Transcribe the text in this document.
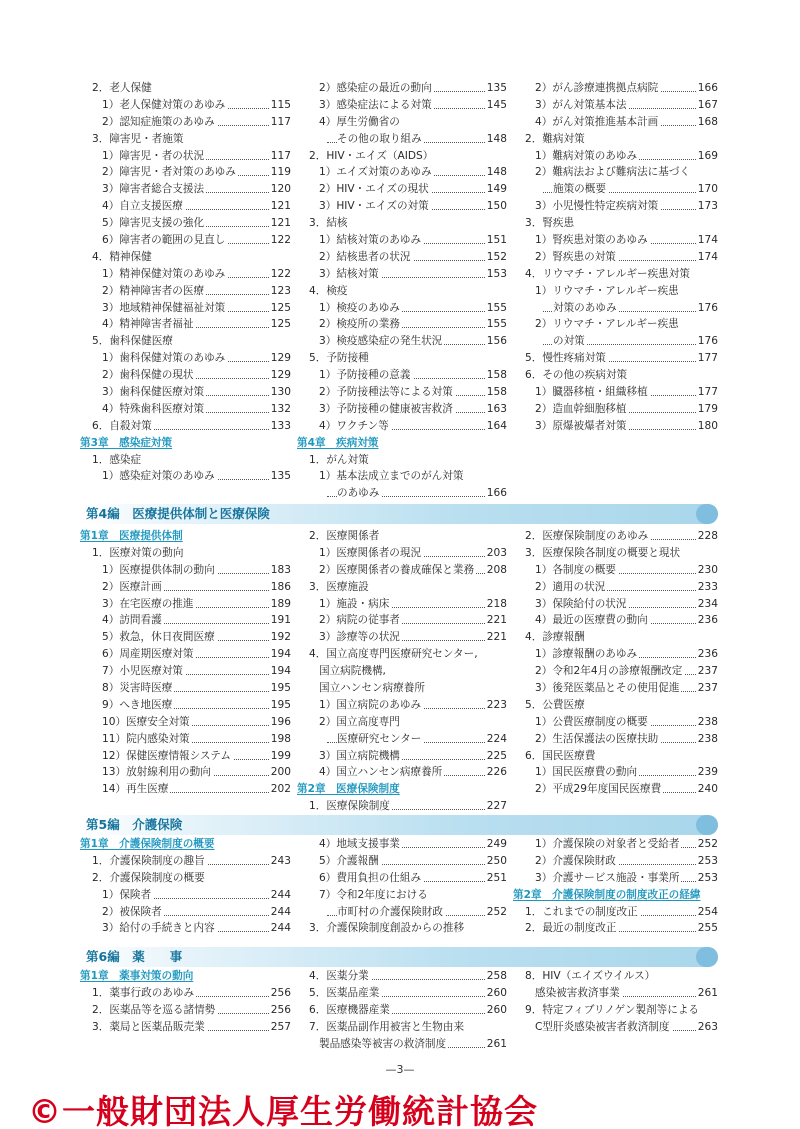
2．老人保健
1）老人保健対策のあゆみ	115
2）認知症施策のあゆみ	117
3．障害児・者施策
1）障害児・者の状況	117
2）障害児・者対策のあゆみ	119
3）障害者総合支援法	120
4）自立支援医療	121
5）障害児支援の強化	121
6）障害者の範囲の見直し	122
4．精神保健
1）精神保健対策のあゆみ	122
2）精神障害者の医療	123
3）地域精神保健福祉対策	125
4）精神障害者福祉	125
5．歯科保健医療
1）歯科保健対策のあゆみ	129
2）歯科保健の現状	129
3）歯科保健医療対策	130
4）特殊歯科医療対策	132
6．自殺対策	133
第3章　感染症対策
1．感染症
1）感染症対策のあゆみ	135
2）感染症の最近の動向	135
3）感染症法による対策	145
4）厚生労働省の
その他の取り組み	148
2．HIV・エイズ（AIDS）
1）エイズ対策のあゆみ	148
2）HIV・エイズの現状	149
3）HIV・エイズの対策	150
3．結核
1）結核対策のあゆみ	151
2）結核患者の状況	152
3）結核対策	153
4．検疫
1）検疫のあゆみ	155
2）検疫所の業務	155
3）検疫感染症の発生状況	156
5．予防接種
1）予防接種の意義	158
2）予防接種法等による対策	158
3）予防接種の健康被害救済	163
4）ワクチン等	164
第4章　疾病対策
1．がん対策
1）基本法成立までのがん対策
のあゆみ	166
2）がん診療連携拠点病院	166
3）がん対策基本法	167
4）がん対策推進基本計画	168
2．難病対策
1）難病対策のあゆみ	169
2）難病法および難病法に基づく
施策の概要	170
3）小児慢性特定疾病対策	173
3．腎疾患
1）腎疾患対策のあゆみ	174
2）腎疾患の対策	174
4．リウマチ・アレルギー疾患対策
1）リウマチ・アレルギー疾患
対策のあゆみ	176
2）リウマチ・アレルギー疾患
の対策	176
5．慢性疼痛対策	177
6．その他の疾病対策
1）臓器移植・組織移植	177
2）造血幹細胞移植	179
3）原爆被爆者対策	180
第1章　医療提供体制
1．医療対策の動向
1）医療提供体制の動向	183
2）医療計画	186
3）在宅医療の推進	189
4）訪問看護	191
5）救急，休日夜間医療	192
6）周産期医療対策	194
7）小児医療対策	194
8）災害時医療	195
9）へき地医療	195
10）医療安全対策	196
11）院内感染対策	198
12）保健医療情報システム	199
13）放射線利用の動向	200
14）再生医療	202
2．医療関係者
1）医療関係者の現況	203
2）医療関係者の養成確保と業務 208
3．医療施設
1）施設・病床	218
2）病院の従事者	221
3）診療等の状況	221
4．国立高度専門医療研究センター,
国立病院機構,
国立ハンセン病療養所
1）国立病院のあゆみ	223
2）国立高度専門
医療研究センター	224
3）国立病院機構	225
4）国立ハンセン病療養所	226
第2章　医療保険制度
1．医療保険制度	227
2．医療保険制度のあゆみ	228
3．医療保険各制度の概要と現状
1）各制度の概要	230
2）適用の状況	233
3）保険給付の状況	234
4）最近の医療費の動向	236
4．診療報酬
1）診療報酬のあゆみ	236
2）令和2年4月の診療報酬改定 237
3）後発医薬品とその使用促進 237
5．公費医療
1）公費医療制度の概要	238
2）生活保護法の医療扶助	238
6．国民医療費
1）国民医療費の動向	239
2）平成29年度国民医療費	240
第1章　介護保険制度の概要
1．介護保険制度の趣旨	243
2．介護保険制度の概要
1）保険者	244
2）被保険者	244
3）給付の手続きと内容	244
4）地域支援事業	249
5）介護報酬	250
6）費用負担の仕組み	251
7）令和2年度における
市町村の介護保険財政	252
3．介護保険制度創設からの推移
1）介護保険の対象者と受給者 252
2）介護保険財政	253
3）介護サービス施設・事業所 253
第2章　介護保険制度の制度改正の経緯
1．これまでの制度改正	254
2．最近の制度改正	255
第1章　薬事対策の動向
1．薬事行政のあゆみ	256
2．医薬品等を巡る諸情勢	256
3．薬局と医薬品販売業	257
4．医薬分業	258
5．医薬品産業	260
6．医療機器産業	260
7．医薬品副作用被害と生物由来
製品感染等被害の救済制度	261
8．HIV（エイズウイルス）
感染被害救済事業	261
9．特定フィブリノゲン製剤等による
C型肝炎感染被害者救済制度	263
—3—
©一般財団法人厚生労働統計協会
第4編　医療提供体制と医療保険
第5編　介護保険
第6編　薬　　事
